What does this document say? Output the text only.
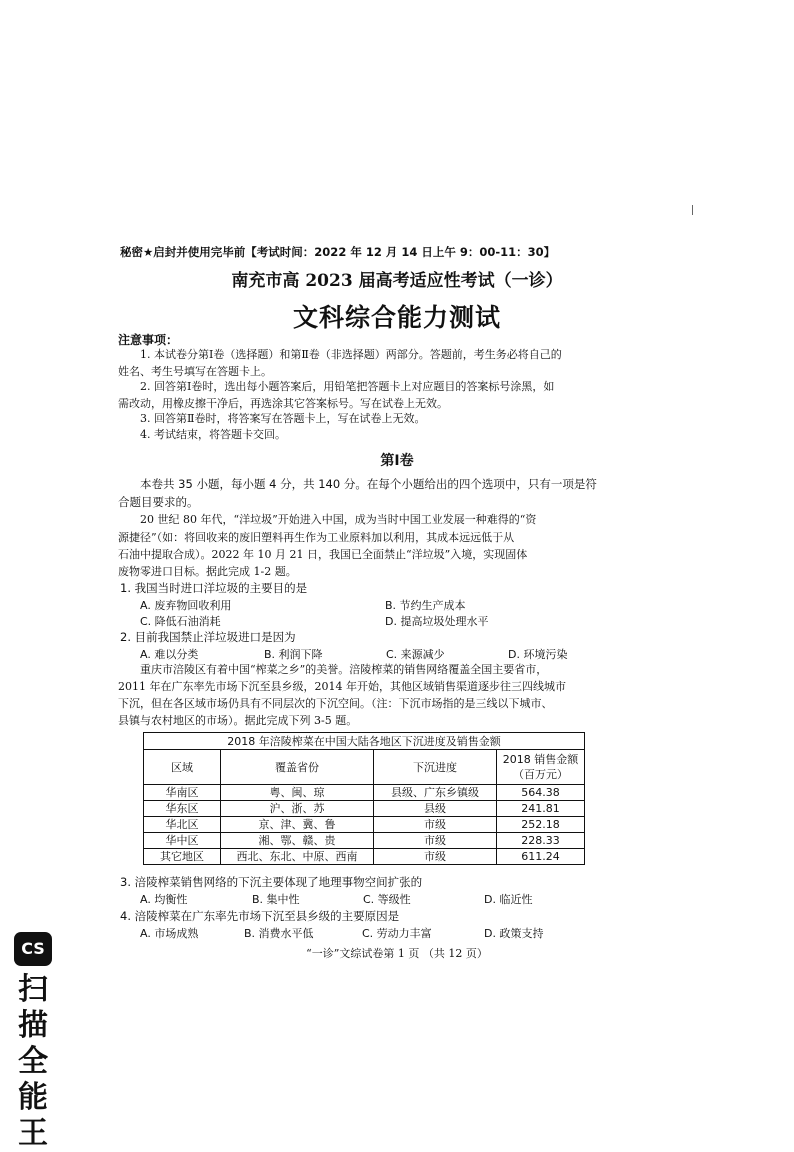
秘密★启封并使用完毕前【考试时间：2022 年 12 月 14 日上午 9：00-11：30】
南充市高 2023 届高考适应性考试（一诊）
文科综合能力测试
注意事项：
1. 本试卷分第Ⅰ卷（选择题）和第Ⅱ卷（非选择题）两部分。答题前，考生务必将自己的
姓名、考生号填写在答题卡上。
2. 回答第Ⅰ卷时，选出每小题答案后，用铅笔把答题卡上对应题目的答案标号涂黑，如
需改动，用橡皮擦干净后，再选涂其它答案标号。写在试卷上无效。
3. 回答第Ⅱ卷时，将答案写在答题卡上，写在试卷上无效。
4. 考试结束，将答题卡交回。
第Ⅰ卷
本卷共 35 小题，每小题 4 分，共 140 分。在每个小题给出的四个选项中，只有一项是符
合题目要求的。
20 世纪 80 年代，“洋垃圾”开始进入中国，成为当时中国工业发展一种难得的“资
源捷径”（如：将回收来的废旧塑料再生作为工业原料加以利用，其成本远远低于从
石油中提取合成）。2022 年 10 月 21 日，我国已全面禁止“洋垃圾”入境，实现固体
废物零进口目标。据此完成 1-2 题。
1. 我国当时进口洋垃圾的主要目的是
A. 废弃物回收利用	B. 节约生产成本
C. 降低石油消耗	D. 提高垃圾处理水平
2. 目前我国禁止洋垃圾进口是因为
A. 难以分类	B. 利润下降	C. 来源减少	D. 环境污染
重庆市涪陵区有着中国“榨菜之乡”的美誉。涪陵榨菜的销售网络覆盖全国主要省市，
2011 年在广东率先市场下沉至县乡级，2014 年开始，其他区域销售渠道逐步往三四线城市
下沉，但在各区域市场仍具有不同层次的下沉空间。（注：下沉市场指的是三线以下城市、
县镇与农村地区的市场）。据此完成下列 3-5 题。
2018 年涪陵榨菜在中国大陆各地区下沉进度及销售金额			
区域	覆盖省份	下沉进度	2018 销售金额
（百万元）

华南区	粤、闽、琼	县级、广东乡镇级	564.38
华东区	沪、浙、苏	县级	241.81
华北区	京、津、冀、鲁	市级	252.18
华中区	湘、鄂、赣、贵	市级	228.33
其它地区	西北、东北、中原、西南	市级	611.24
3. 涪陵榨菜销售网络的下沉主要体现了地理事物空间扩张的
A. 均衡性	B. 集中性	C. 等级性	D. 临近性
4. 涪陵榨菜在广东率先市场下沉至县乡级的主要原因是
A. 市场成熟	B. 消费水平低	C. 劳动力丰富	D. 政策支持
“一诊”文综试卷第 1 页 （共 12 页）
CS
扫
描
全
能
王
